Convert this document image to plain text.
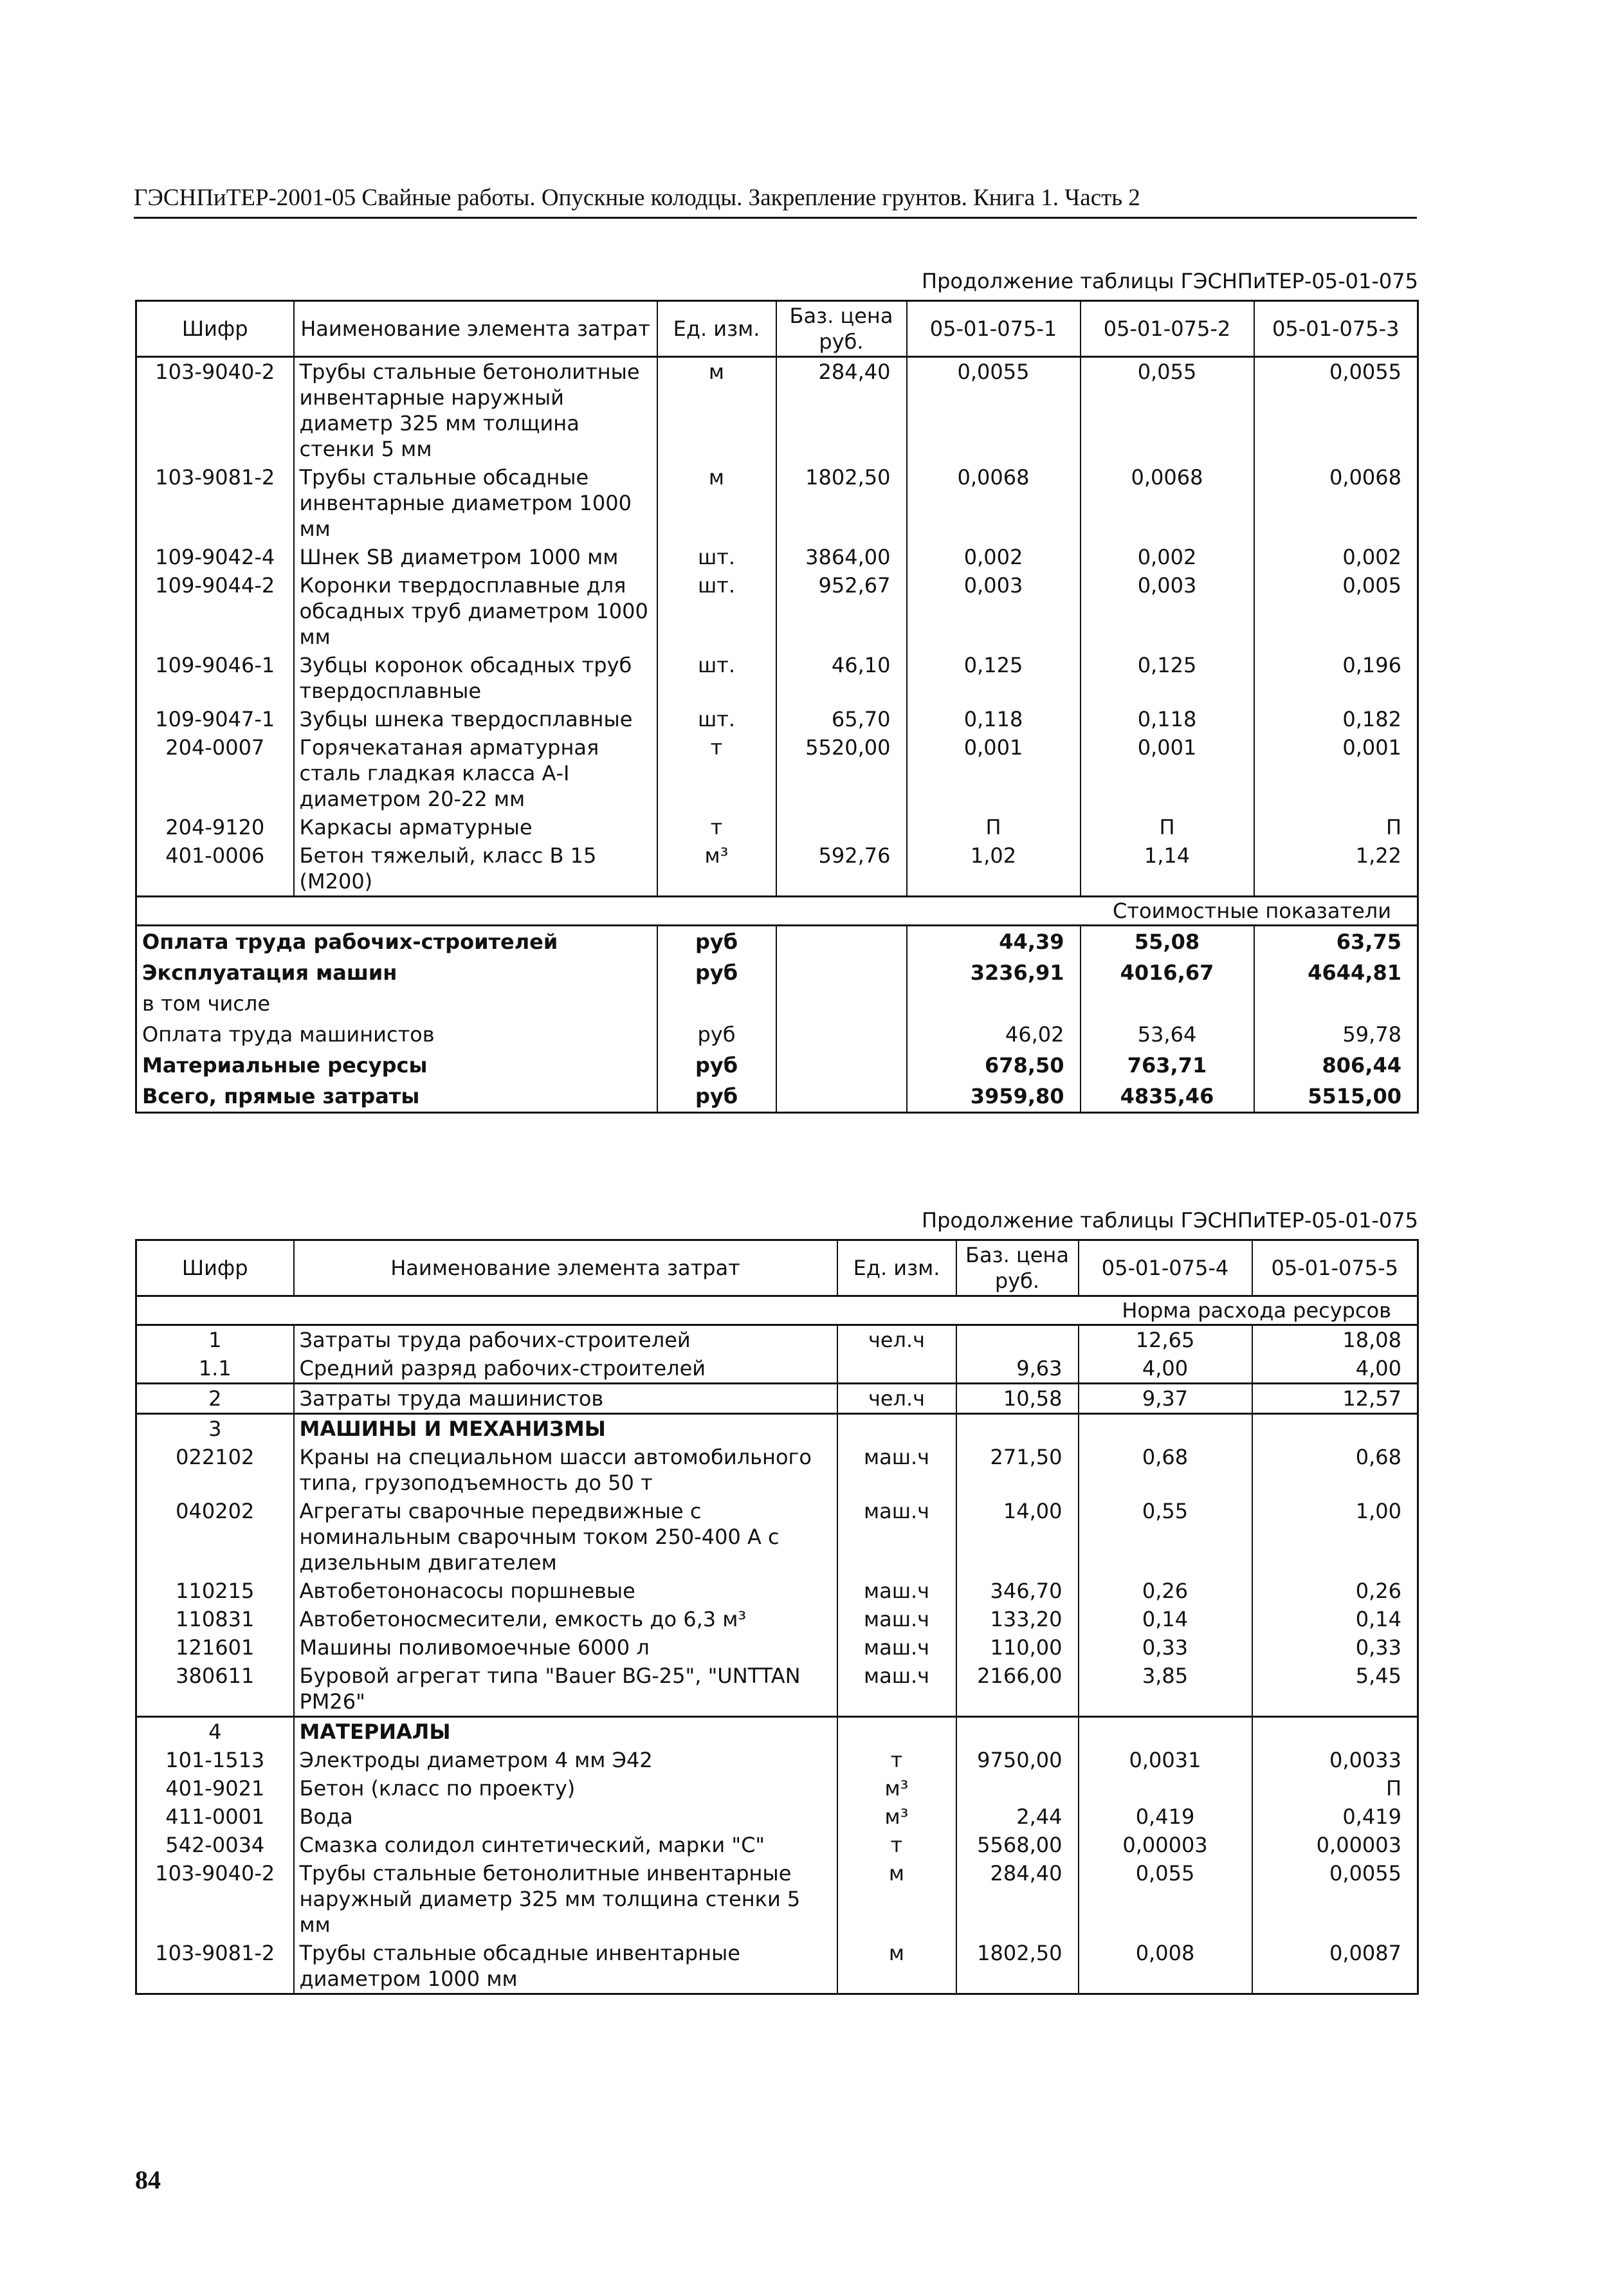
ГЭСНПиТЕР-2001-05 Свайные работы. Опускные колодцы. Закрепление грунтов. Книга 1. Часть 2
Продолжение таблицы ГЭСНПиТЕР-05-01-075
Шифр	Наименование элемента затрат	Ед. изм.	Баз. цена руб.	05-01-075-1	05-01-075-2	05-01-075-3
103-9040-2	Трубы стальные бетонолитные инвентарные наружный диаметр 325 мм толщина стенки 5 мм	м	284,40	0,0055	0,055	0,0055
103-9081-2	Трубы стальные обсадные инвентарные диаметром 1000 мм	м	1802,50	0,0068	0,0068	0,0068
109-9042-4	Шнек SB диаметром 1000 мм	шт.	3864,00	0,002	0,002	0,002
109-9044-2	Коронки твердосплавные для обсадных труб диаметром 1000 мм	шт.	952,67	0,003	0,003	0,005
109-9046-1	Зубцы коронок обсадных труб твердосплавные	шт.	46,10	0,125	0,125	0,196
109-9047-1	Зубцы шнека твердосплавные	шт.	65,70	0,118	0,118	0,182
204-0007	Горячекатаная арматурная сталь гладкая класса А-I диаметром 20-22 мм	т	5520,00	0,001	0,001	0,001
204-9120	Каркасы арматурные	т		П	П	П
401-0006	Бетон тяжелый, класс В 15 (М200)	м³	592,76	1,02	1,14	1,22
Стоимостные показатели						
Оплата труда рабочих-строителей		руб		44,39	55,08	63,75
Эксплуатация машин		руб		3236,91	4016,67	4644,81
в том числе						
Оплата труда машинистов		руб		46,02	53,64	59,78
Материальные ресурсы		руб		678,50	763,71	806,44
Всего, прямые затраты		руб		3959,80	4835,46	5515,00
Продолжение таблицы ГЭСНПиТЕР-05-01-075
Шифр	Наименование элемента затрат	Ед. изм.	Баз. цена руб.	05-01-075-4	05-01-075-5
Норма расхода ресурсов					
1	Затраты труда рабочих-строителей	чел.ч		12,65	18,08
1.1	Средний разряд рабочих-строителей		9,63	4,00	4,00
2	Затраты труда машинистов	чел.ч	10,58	9,37	12,57
3	МАШИНЫ И МЕХАНИЗМЫ				
022102	Краны на специальном шасси автомобильного типа, грузоподъемность до 50 т	маш.ч	271,50	0,68	0,68
040202	Агрегаты сварочные передвижные с номинальным сварочным током 250-400 А с дизельным двигателем	маш.ч	14,00	0,55	1,00
110215	Автобетононасосы поршневые	маш.ч	346,70	0,26	0,26
110831	Автобетоносмесители, емкость до 6,3 м³	маш.ч	133,20	0,14	0,14
121601	Машины поливомоечные 6000 л	маш.ч	110,00	0,33	0,33
380611	Буровой агрегат типа "Bauer BG-25", "UNTTAN PM26"	маш.ч	2166,00	3,85	5,45
4	МАТЕРИАЛЫ				
101-1513	Электроды диаметром 4 мм Э42	т	9750,00	0,0031	0,0033
401-9021	Бетон (класс по проекту)	м³			П
411-0001	Вода	м³	2,44	0,419	0,419
542-0034	Смазка солидол синтетический, марки "С"	т	5568,00	0,00003	0,00003
103-9040-2	Трубы стальные бетонолитные инвентарные наружный диаметр 325 мм толщина стенки 5 мм	м	284,40	0,055	0,0055
103-9081-2	Трубы стальные обсадные инвентарные диаметром 1000 мм	м	1802,50	0,008	0,0087
84
